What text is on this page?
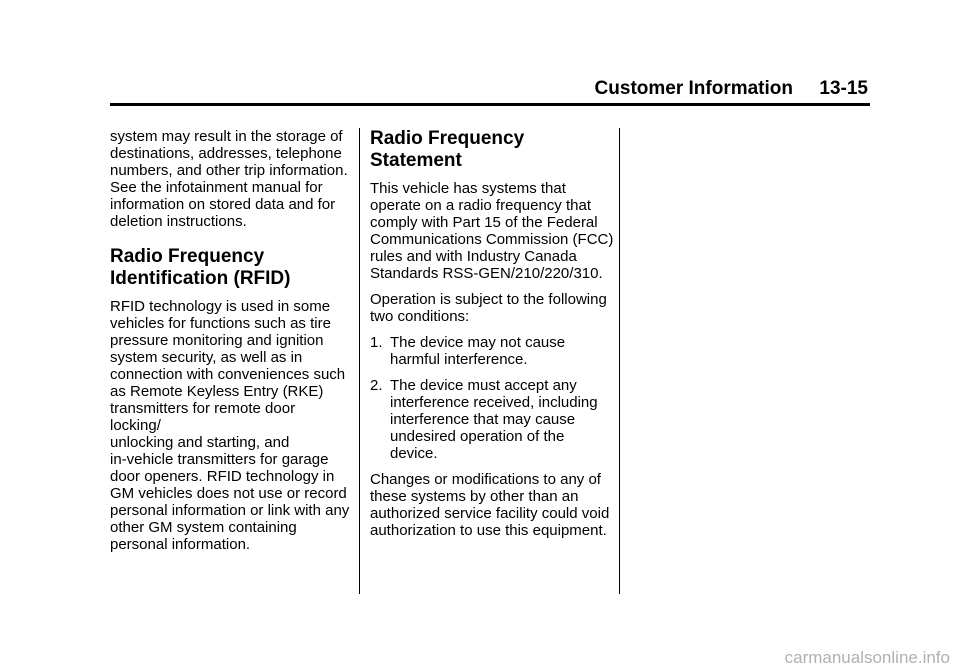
Customer Information     13-15

system may result in the storage of
destinations, addresses, telephone
numbers, and other trip information.
See the infotainment manual for
information on stored data and for
deletion instructions.

Radio Frequency
Identification (RFID)

RFID technology is used in some
vehicles for functions such as tire
pressure monitoring and ignition
system security, as well as in
connection with conveniences such
as Remote Keyless Entry (RKE)
transmitters for remote door locking/
unlocking and starting, and
in-vehicle transmitters for garage
door openers. RFID technology in
GM vehicles does not use or record
personal information or link with any
other GM system containing
personal information.

Radio Frequency
Statement

This vehicle has systems that
operate on a radio frequency that
comply with Part 15 of the Federal
Communications Commission (FCC)
rules and with Industry Canada
Standards RSS-GEN/210/220/310.

Operation is subject to the following
two conditions:

1. The device may not cause
harmful interference.
2. The device must accept any
interference received, including
interference that may cause
undesired operation of the
device.

Changes or modifications to any of
these systems by other than an
authorized service facility could void
authorization to use this equipment.

carmanualsonline.info
